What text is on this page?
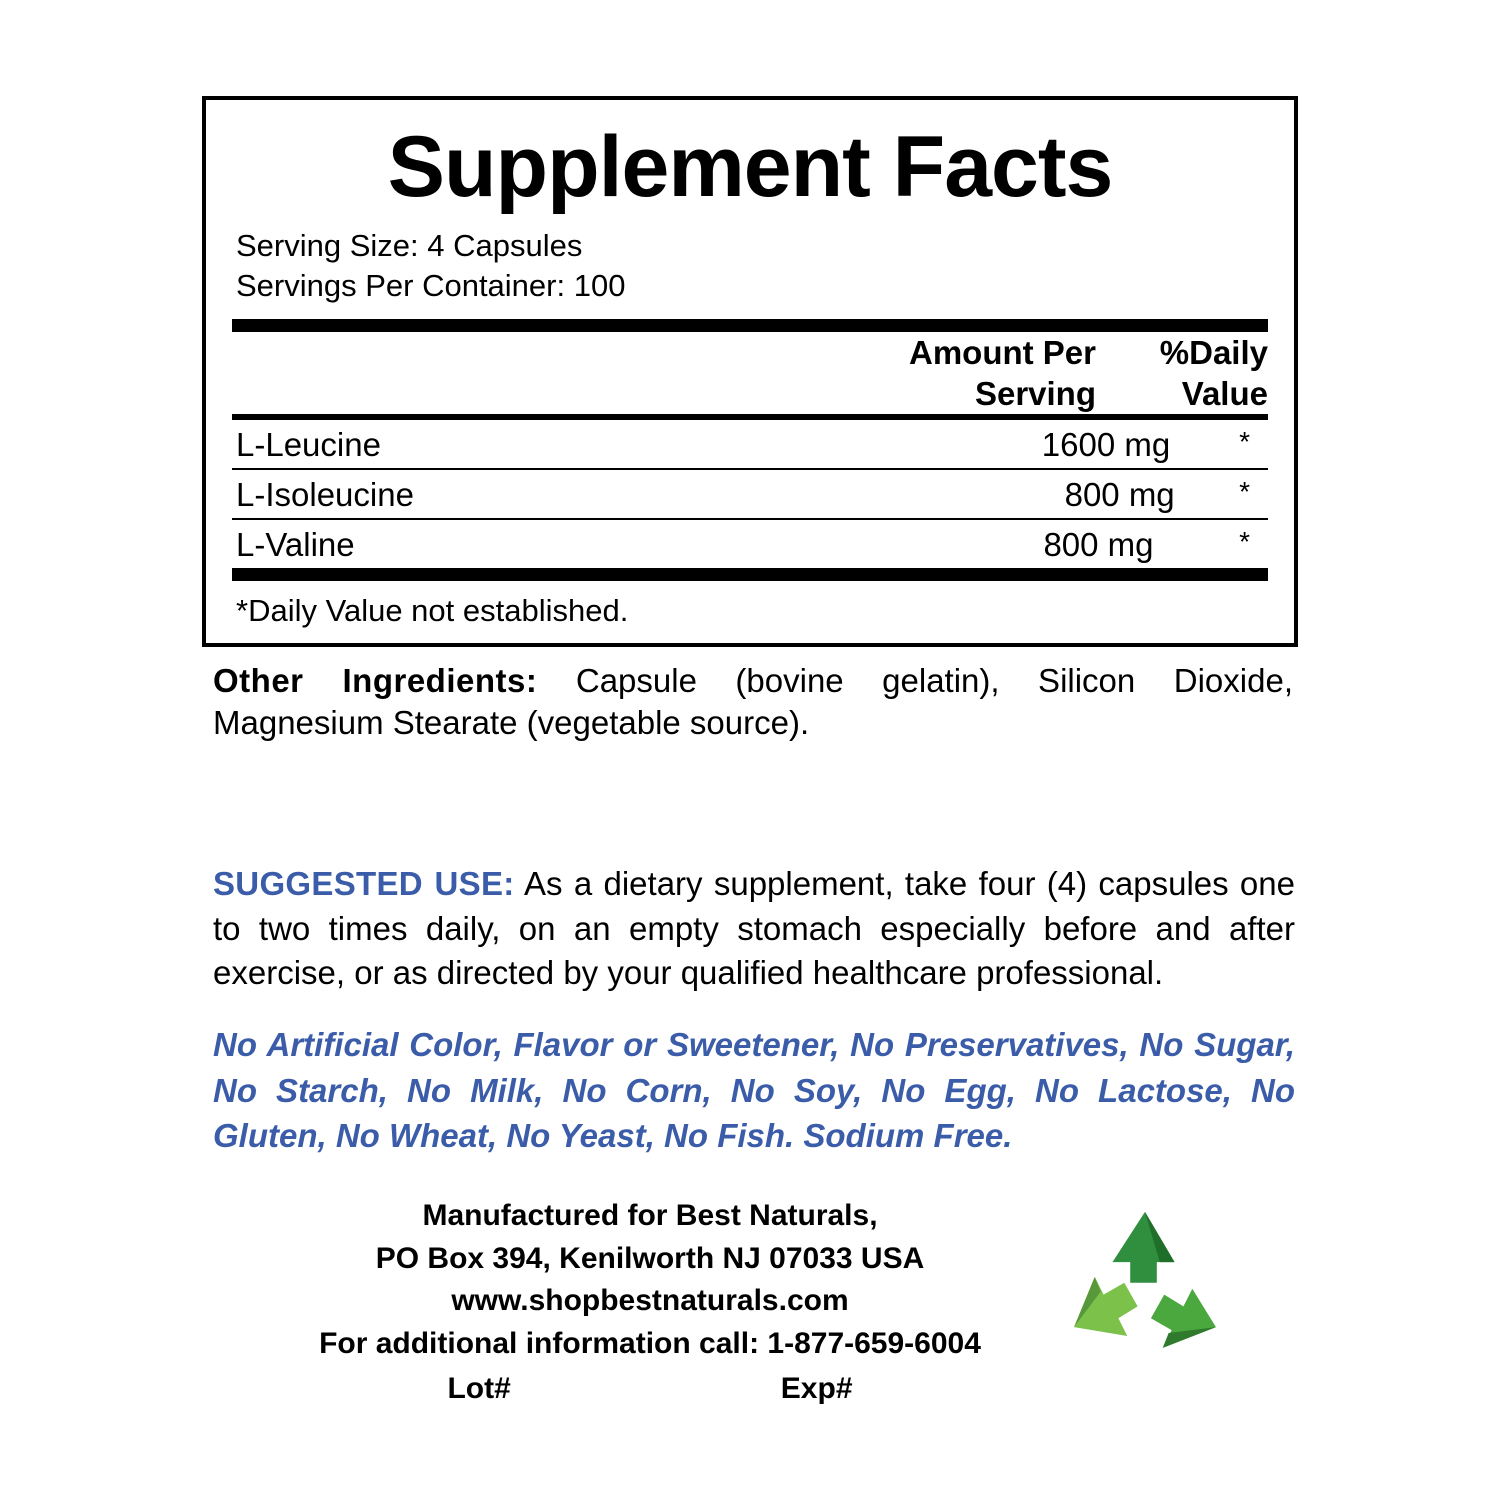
Supplement Facts
Serving Size: 4 Capsules
Servings Per Container: 100

Amount Per
Serving

%Daily
Value
L-Leucine	1600 mg	*
L-Isoleucine	800 mg	*
L-Valine	800 mg	*
*Daily Value not established.
Other Ingredients: Capsule (bovine gelatin), Silicon Dioxide, Magnesium Stearate (vegetable source).
SUGGESTED USE: As a dietary supplement, take four (4) capsules one to two times daily, on an empty stomach especially before and after exercise, or as directed by your qualified healthcare professional.
No Artificial Color, Flavor or Sweetener, No Preservatives, No Sugar, No Starch, No Milk, No Corn, No Soy, No Egg, No Lactose, No Gluten, No Wheat, No Yeast, No Fish. Sodium Free.
Manufactured for Best Naturals,
PO Box 394, Kenilworth NJ 07033 USA
www.shopbestnaturals.com
For additional information call: 1-877-659-6004
Lot#	Exp#
